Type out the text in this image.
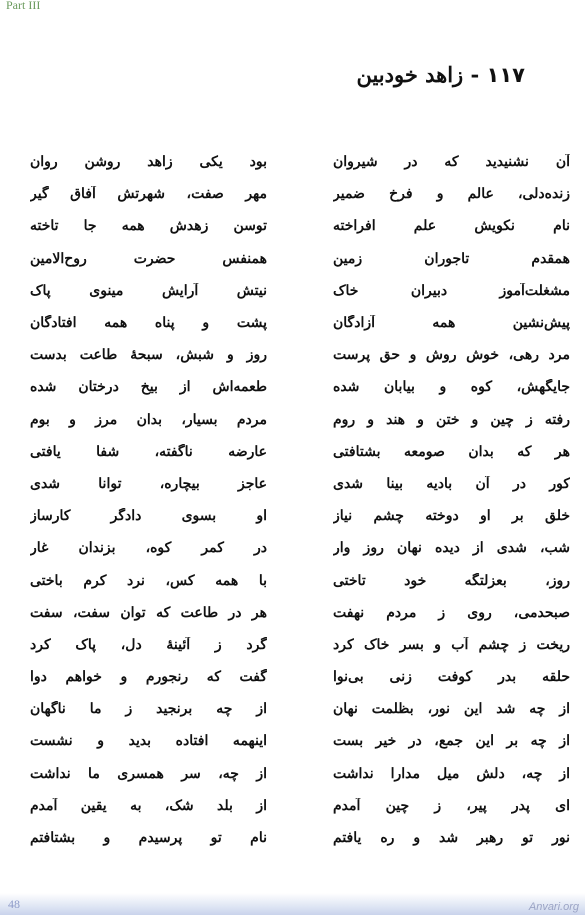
Part III
١١٧ - زاهد خودبین
آن نشنیدید که در شیروان
بود یکی زاهد روشن روان
زنده‌دلی، عالم و فرخ ضمیر
مهر صفت، شهرتش آفاق گیر
نام نکویش علم افراخته
توسن زهدش همه جا تاخته
همقدم تاجوران زمین
همنفس حضرت روح‌الامین
مشغلت‌آموز دبیران خاک
نیتش آرایش مینوی پاک
پیش‌نشین همه آزادگان
پشت و پناه همه افتادگان
مرد رهی، خوش روش و حق پرست
روز و شبش، سبحهٔ طاعت بدست
جایگهش، کوه و بیابان شده
طعمه‌اش از بیخ درختان شده
رفته ز چین و ختن و هند و روم
مردم بسیار، بدان مرز و بوم
هر که بدان صومعه بشتافتی
عارضه ناگفته، شفا یافتی
کور در آن بادیه بینا شدی
عاجز بیچاره، توانا شدی
خلق بر او دوخته چشم نیاز
او بسوی دادگر کارساز
شب، شدی از دیده نهان روز وار
در کمر کوه، بزندان غار
روز، بعزلتگه خود تاختی
با همه کس، نرد کرم باختی
صبحدمی، روی ز مردم نهفت
هر در طاعت که توان سفت، سفت
ریخت ز چشم آب و بسر خاک کرد
گرد ز آئینهٔ دل، پاک کرد
حلقه بدر کوفت زنی بی‌نوا
گفت که رنجورم و خواهم دوا
از چه شد این نور، بظلمت نهان
از چه برنجید ز ما ناگهان
از چه بر این جمع، در خیر بست
اینهمه افتاده بدید و نشست
از چه، دلش میل مدارا نداشت
از چه، سر همسری ما نداشت
ای پدر پیر، ز چین آمدم
از بلد شک، به یقین آمدم
نور تو رهبر شد و ره یافتم
نام تو پرسیدم و بشتافتم
48	Anvari.org
